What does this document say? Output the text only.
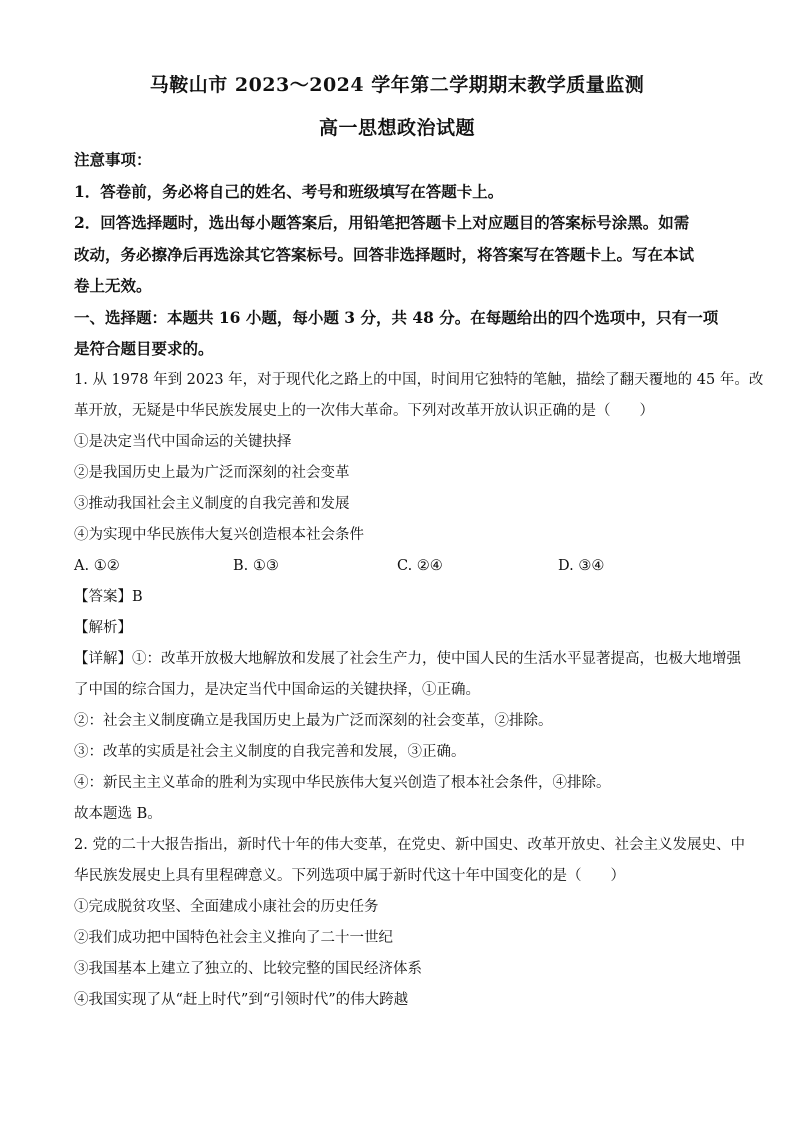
马鞍山市 2023～2024 学年第二学期期末教学质量监测
高一思想政治试题
注意事项：
1．答卷前，务必将自己的姓名、考号和班级填写在答题卡上。
2．回答选择题时，选出每小题答案后，用铅笔把答题卡上对应题目的答案标号涂黑。如需
改动，务必擦净后再选涂其它答案标号。回答非选择题时，将答案写在答题卡上。写在本试
卷上无效。
一、选择题：本题共 16 小题，每小题 3 分，共 48 分。在每题给出的四个选项中，只有一项
是符合题目要求的。
1. 从 1978 年到 2023 年，对于现代化之路上的中国，时间用它独特的笔触，描绘了翻天覆地的 45 年。改
革开放，无疑是中华民族发展史上的一次伟大革命。下列对改革开放认识正确的是（　　）
①是决定当代中国命运的关键抉择
②是我国历史上最为广泛而深刻的社会变革
③推动我国社会主义制度的自我完善和发展
④为实现中华民族伟大复兴创造根本社会条件
A. ①②	B. ①③	C. ②④	D. ③④
【答案】B
【解析】
【详解】①：改革开放极大地解放和发展了社会生产力，使中国人民的生活水平显著提高，也极大地增强
了中国的综合国力，是决定当代中国命运的关键抉择，①正确。
②：社会主义制度确立是我国历史上最为广泛而深刻的社会变革，②排除。
③：改革的实质是社会主义制度的自我完善和发展，③正确。
④：新民主主义革命的胜利为实现中华民族伟大复兴创造了根本社会条件，④排除。
故本题选 B。
2. 党的二十大报告指出，新时代十年的伟大变革，在党史、新中国史、改革开放史、社会主义发展史、中
华民族发展史上具有里程碑意义。下列选项中属于新时代这十年中国变化的是（　　）
①完成脱贫攻坚、全面建成小康社会的历史任务
②我们成功把中国特色社会主义推向了二十一世纪
③我国基本上建立了独立的、比较完整的国民经济体系
④我国实现了从“赶上时代”到“引领时代”的伟大跨越
